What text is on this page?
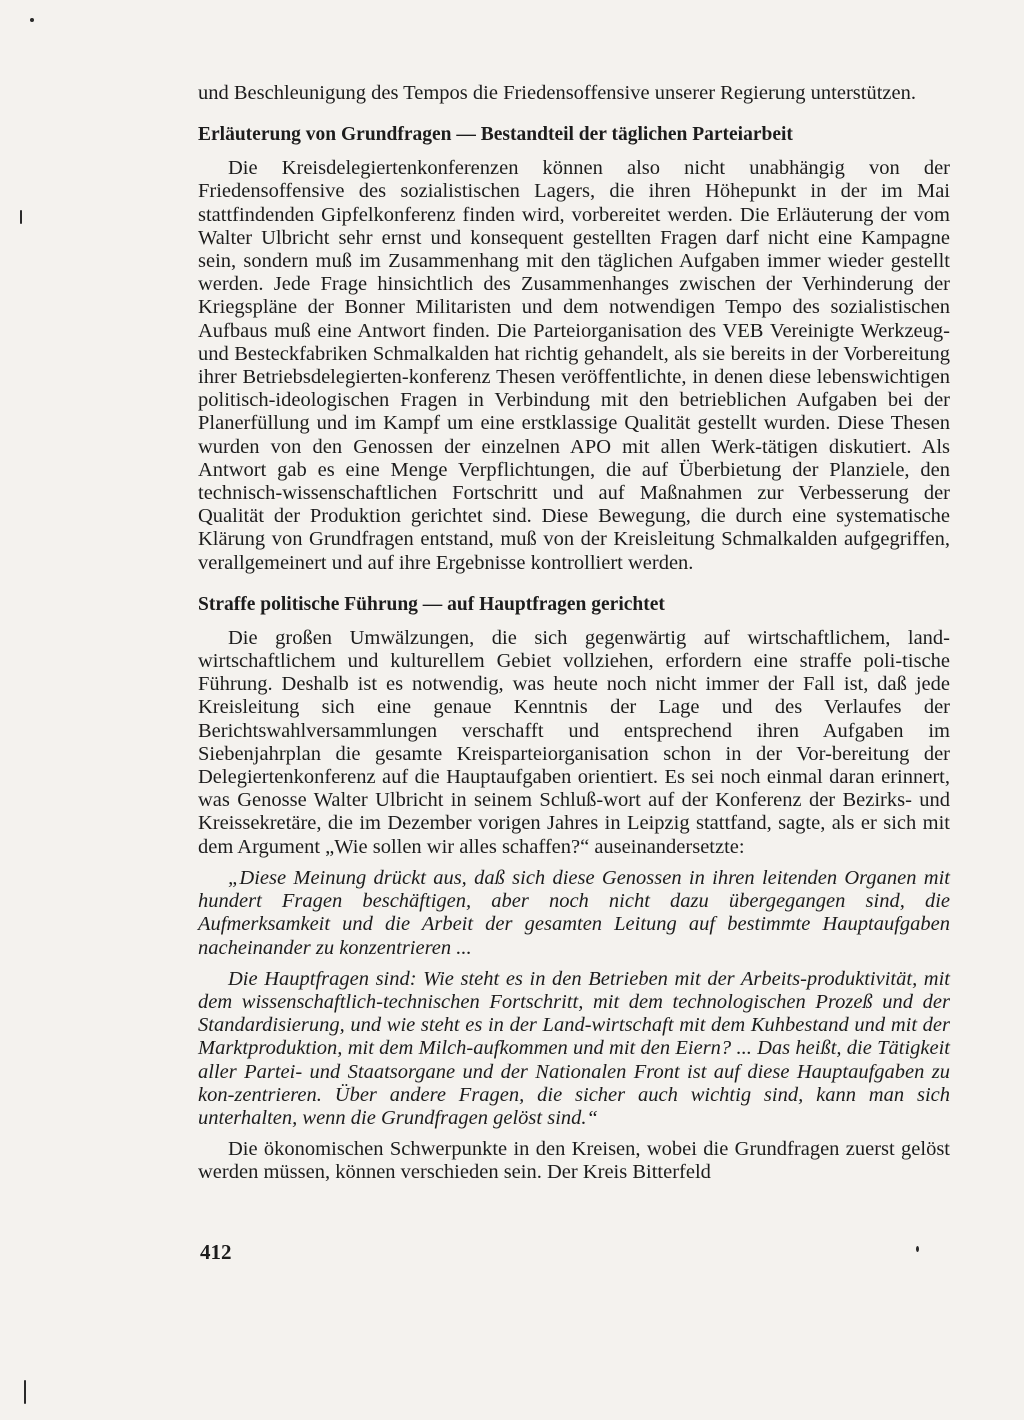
und Beschleunigung des Tempos die Friedensoffensive unserer Regierung unterstützen.

Erläuterung von Grundfragen — Bestandteil der täglichen Parteiarbeit

Die Kreisdelegiertenkonferenzen können also nicht unabhängig von der Friedensoffensive des sozialistischen Lagers, die ihren Höhepunkt in der im Mai stattfindenden Gipfelkonferenz finden wird, vorbereitet werden. Die Erläuterung der vom Walter Ulbricht sehr ernst und konsequent gestellten Fragen darf nicht eine Kampagne sein, sondern muß im Zusammenhang mit den täglichen Aufgaben immer wieder gestellt werden. Jede Frage hinsichtlich des Zusammenhanges zwischen der Verhinderung der Kriegspläne der Bonner Militaristen und dem notwendigen Tempo des sozialistischen Aufbaus muß eine Antwort finden. Die Parteiorganisation des VEB Vereinigte Werkzeug- und Besteckfabriken Schmalkalden hat richtig gehandelt, als sie bereits in der Vorbereitung ihrer Betriebsdelegierten-konferenz Thesen veröffentlichte, in denen diese lebenswichtigen politisch-ideologischen Fragen in Verbindung mit den betrieblichen Aufgaben bei der Planerfüllung und im Kampf um eine erstklassige Qualität gestellt wurden. Diese Thesen wurden von den Genossen der einzelnen APO mit allen Werk-tätigen diskutiert. Als Antwort gab es eine Menge Verpflichtungen, die auf Überbietung der Planziele, den technisch-wissenschaftlichen Fortschritt und auf Maßnahmen zur Verbesserung der Qualität der Produktion gerichtet sind. Diese Bewegung, die durch eine systematische Klärung von Grundfragen entstand, muß von der Kreisleitung Schmalkalden aufgegriffen, verallgemeinert und auf ihre Ergebnisse kontrolliert werden.

Straffe politische Führung — auf Hauptfragen gerichtet

Die großen Umwälzungen, die sich gegenwärtig auf wirtschaftlichem, land-wirtschaftlichem und kulturellem Gebiet vollziehen, erfordern eine straffe poli-tische Führung. Deshalb ist es notwendig, was heute noch nicht immer der Fall ist, daß jede Kreisleitung sich eine genaue Kenntnis der Lage und des Verlaufes der Berichtswahlversammlungen verschafft und entsprechend ihren Aufgaben im Siebenjahrplan die gesamte Kreisparteiorganisation schon in der Vor-bereitung der Delegiertenkonferenz auf die Hauptaufgaben orientiert. Es sei noch einmal daran erinnert, was Genosse Walter Ulbricht in seinem Schluß-wort auf der Konferenz der Bezirks- und Kreissekretäre, die im Dezember vorigen Jahres in Leipzig stattfand, sagte, als er sich mit dem Argument „Wie sollen wir alles schaffen?“ auseinandersetzte:

„Diese Meinung drückt aus, daß sich diese Genossen in ihren leitenden Organen mit hundert Fragen beschäftigen, aber noch nicht dazu übergegangen sind, die Aufmerksamkeit und die Arbeit der gesamten Leitung auf bestimmte Hauptaufgaben nacheinander zu konzentrieren ...

Die Hauptfragen sind: Wie steht es in den Betrieben mit der Arbeits-produktivität, mit dem wissenschaftlich-technischen Fortschritt, mit dem technologischen Prozeß und der Standardisierung, und wie steht es in der Land-wirtschaft mit dem Kuhbestand und mit der Marktproduktion, mit dem Milch-aufkommen und mit den Eiern? ... Das heißt, die Tätigkeit aller Partei- und Staatsorgane und der Nationalen Front ist auf diese Hauptaufgaben zu kon-zentrieren. Über andere Fragen, die sicher auch wichtig sind, kann man sich unterhalten, wenn die Grundfragen gelöst sind.“

Die ökonomischen Schwerpunkte in den Kreisen, wobei die Grundfragen zuerst gelöst werden müssen, können verschieden sein. Der Kreis Bitterfeld

412
